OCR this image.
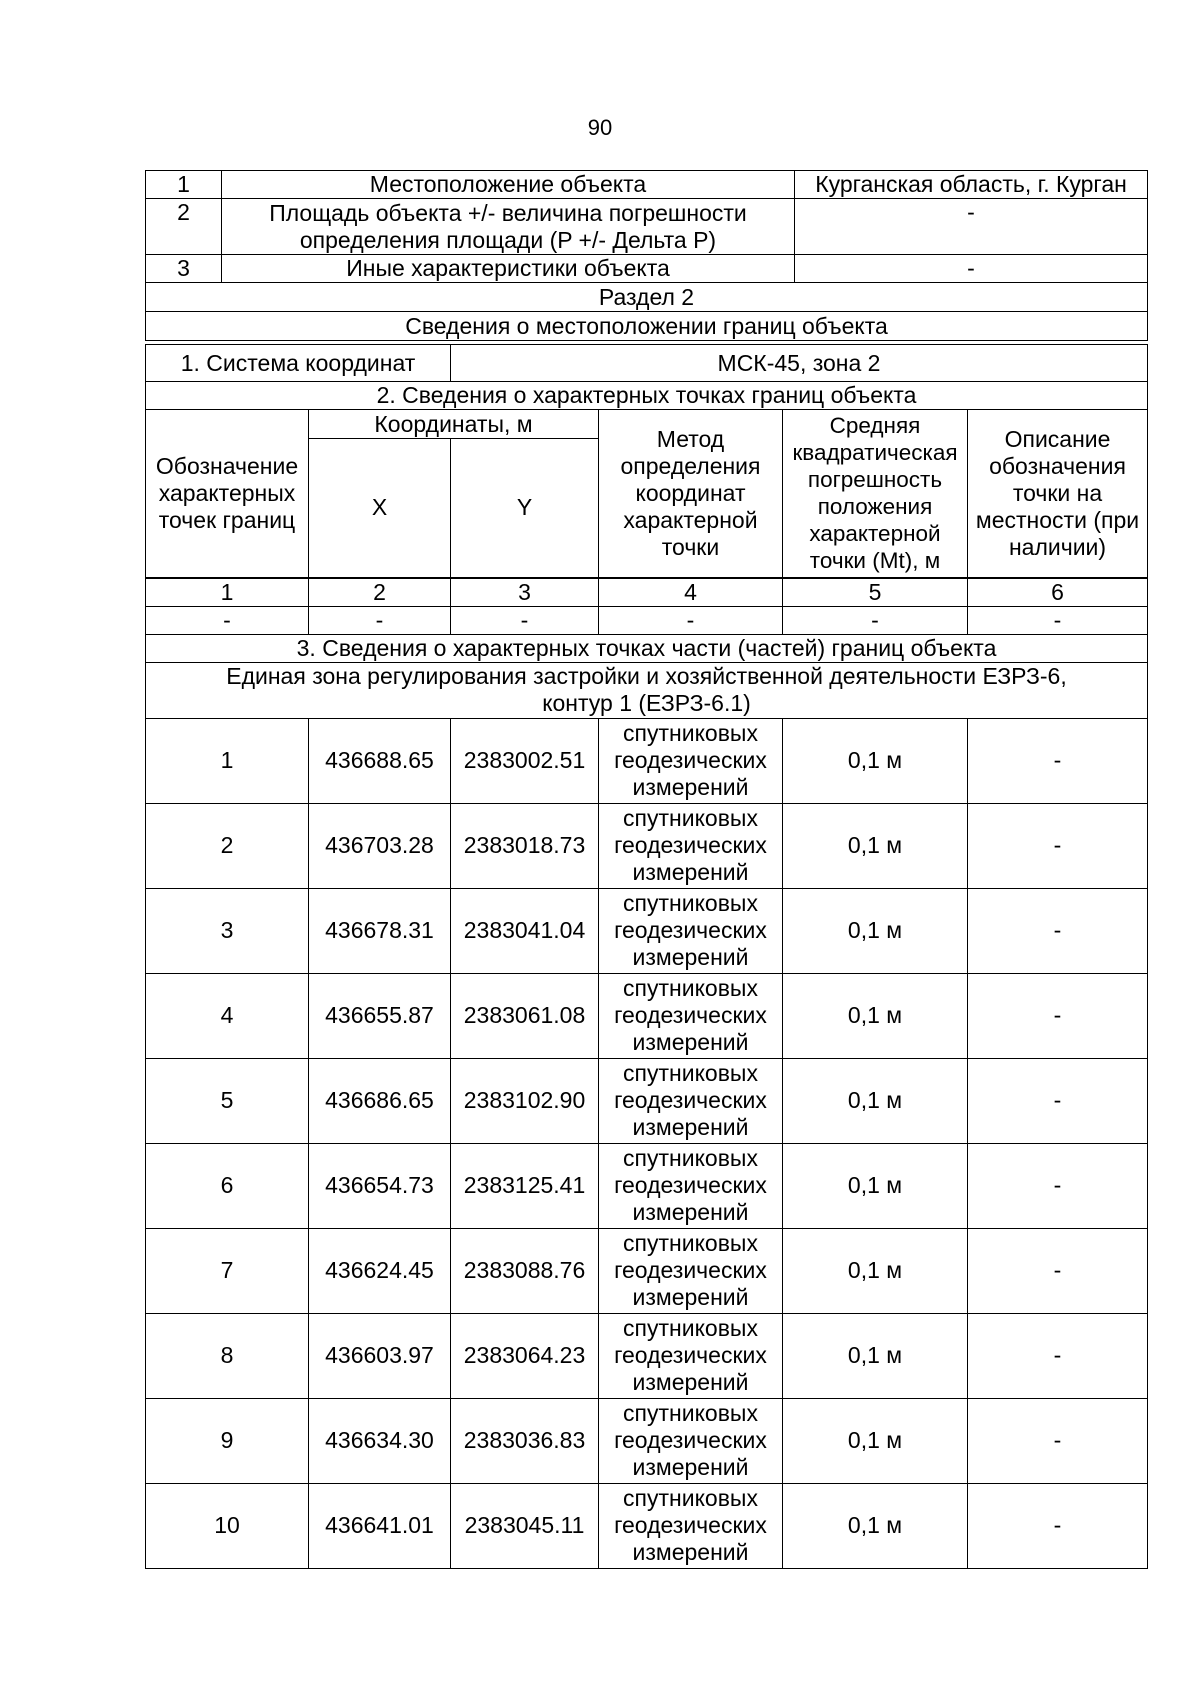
90
1	Местоположение объекта	Курганская область, г. Курган
2	Площадь объекта +/- величина погрешности определения площади (P +/- Дельта P)	-
3	Иные характеристики объекта	-
Раздел 2		
Сведения о местоположении границ объекта		
1. Система координат		МСК-45, зона 2			
2. Сведения о характерных точках границ объекта					
Обозначение характерных точек границ	Координаты, м		Метод определения координат характерной точки	Средняя квадратическая погрешность положения характерной точки (Mt), м	Описание обозначения точки на местности (при наличии)
	X	Y			
1	2	3	4	5	6
-	-	-	-	-	-
3. Сведения о характерных точках части (частей) границ объекта					
Единая зона регулирования застройки и хозяйственной деятельности ЕЗРЗ-6, контур 1 (ЕЗРЗ-6.1)					
1	436688.65	2383002.51	спутниковых геодезических измерений	0,1 м	-
2	436703.28	2383018.73	спутниковых геодезических измерений	0,1 м	-
3	436678.31	2383041.04	спутниковых геодезических измерений	0,1 м	-
4	436655.87	2383061.08	спутниковых геодезических измерений	0,1 м	-
5	436686.65	2383102.90	спутниковых геодезических измерений	0,1 м	-
6	436654.73	2383125.41	спутниковых геодезических измерений	0,1 м	-
7	436624.45	2383088.76	спутниковых геодезических измерений	0,1 м	-
8	436603.97	2383064.23	спутниковых геодезических измерений	0,1 м	-
9	436634.30	2383036.83	спутниковых геодезических измерений	0,1 м	-
10	436641.01	2383045.11	спутниковых геодезических измерений	0,1 м	-
